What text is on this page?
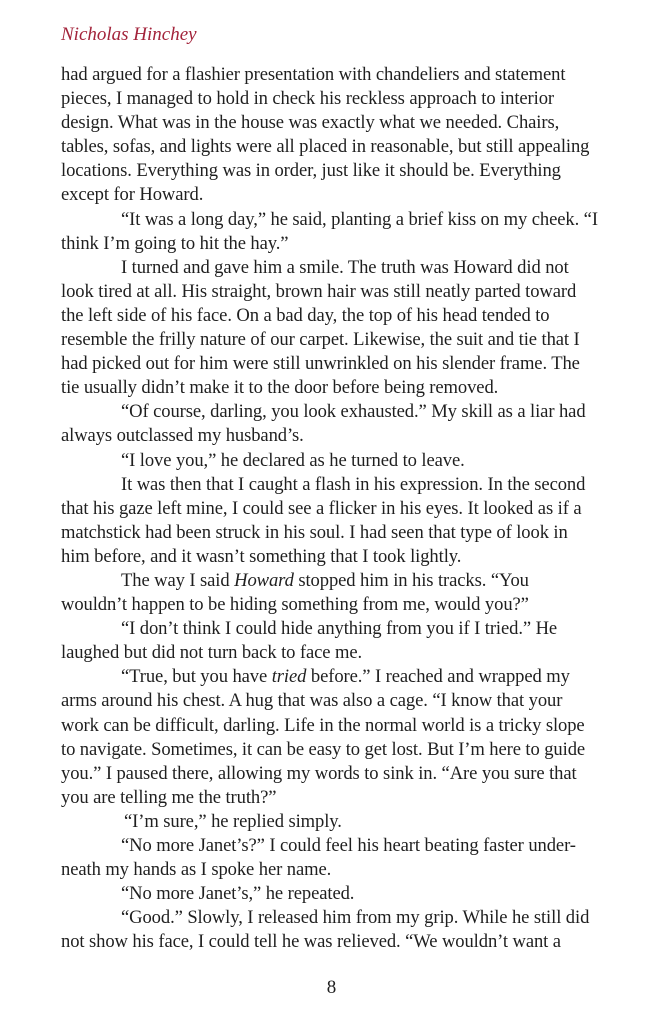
Nicholas Hinchey
had argued for a flashier presentation with chandeliers and statement
pieces, I managed to hold in check his reckless approach to interior
design. What was in the house was exactly what we needed. Chairs,
tables, sofas, and lights were all placed in reasonable, but still appealing
locations. Everything was in order, just like it should be. Everything
except for Howard.
“It was a long day,” he said, planting a brief kiss on my cheek. “I
think I’m going to hit the hay.”
I turned and gave him a smile. The truth was Howard did not
look tired at all. His straight, brown hair was still neatly parted toward
the left side of his face. On a bad day, the top of his head tended to
resemble the frilly nature of our carpet. Likewise, the suit and tie that I
had picked out for him were still unwrinkled on his slender frame. The
tie usually didn’t make it to the door before being removed.
“Of course, darling, you look exhausted.” My skill as a liar had
always outclassed my husband’s.
“I love you,” he declared as he turned to leave.
It was then that I caught a flash in his expression. In the second
that his gaze left mine, I could see a flicker in his eyes. It looked as if a
matchstick had been struck in his soul. I had seen that type of look in
him before, and it wasn’t something that I took lightly.
The way I said Howard stopped him in his tracks. “You
wouldn’t happen to be hiding something from me, would you?”
“I don’t think I could hide anything from you if I tried.” He
laughed but did not turn back to face me.
“True, but you have tried before.” I reached and wrapped my
arms around his chest. A hug that was also a cage. “I know that your
work can be difficult, darling. Life in the normal world is a tricky slope
to navigate. Sometimes, it can be easy to get lost. But I’m here to guide
you.” I paused there, allowing my words to sink in. “Are you sure that
you are telling me the truth?”
“I’m sure,” he replied simply.
“No more Janet’s?” I could feel his heart beating faster under-
neath my hands as I spoke her name.
“No more Janet’s,” he repeated.
“Good.” Slowly, I released him from my grip. While he still did
not show his face, I could tell he was relieved. “We wouldn’t want a
8
